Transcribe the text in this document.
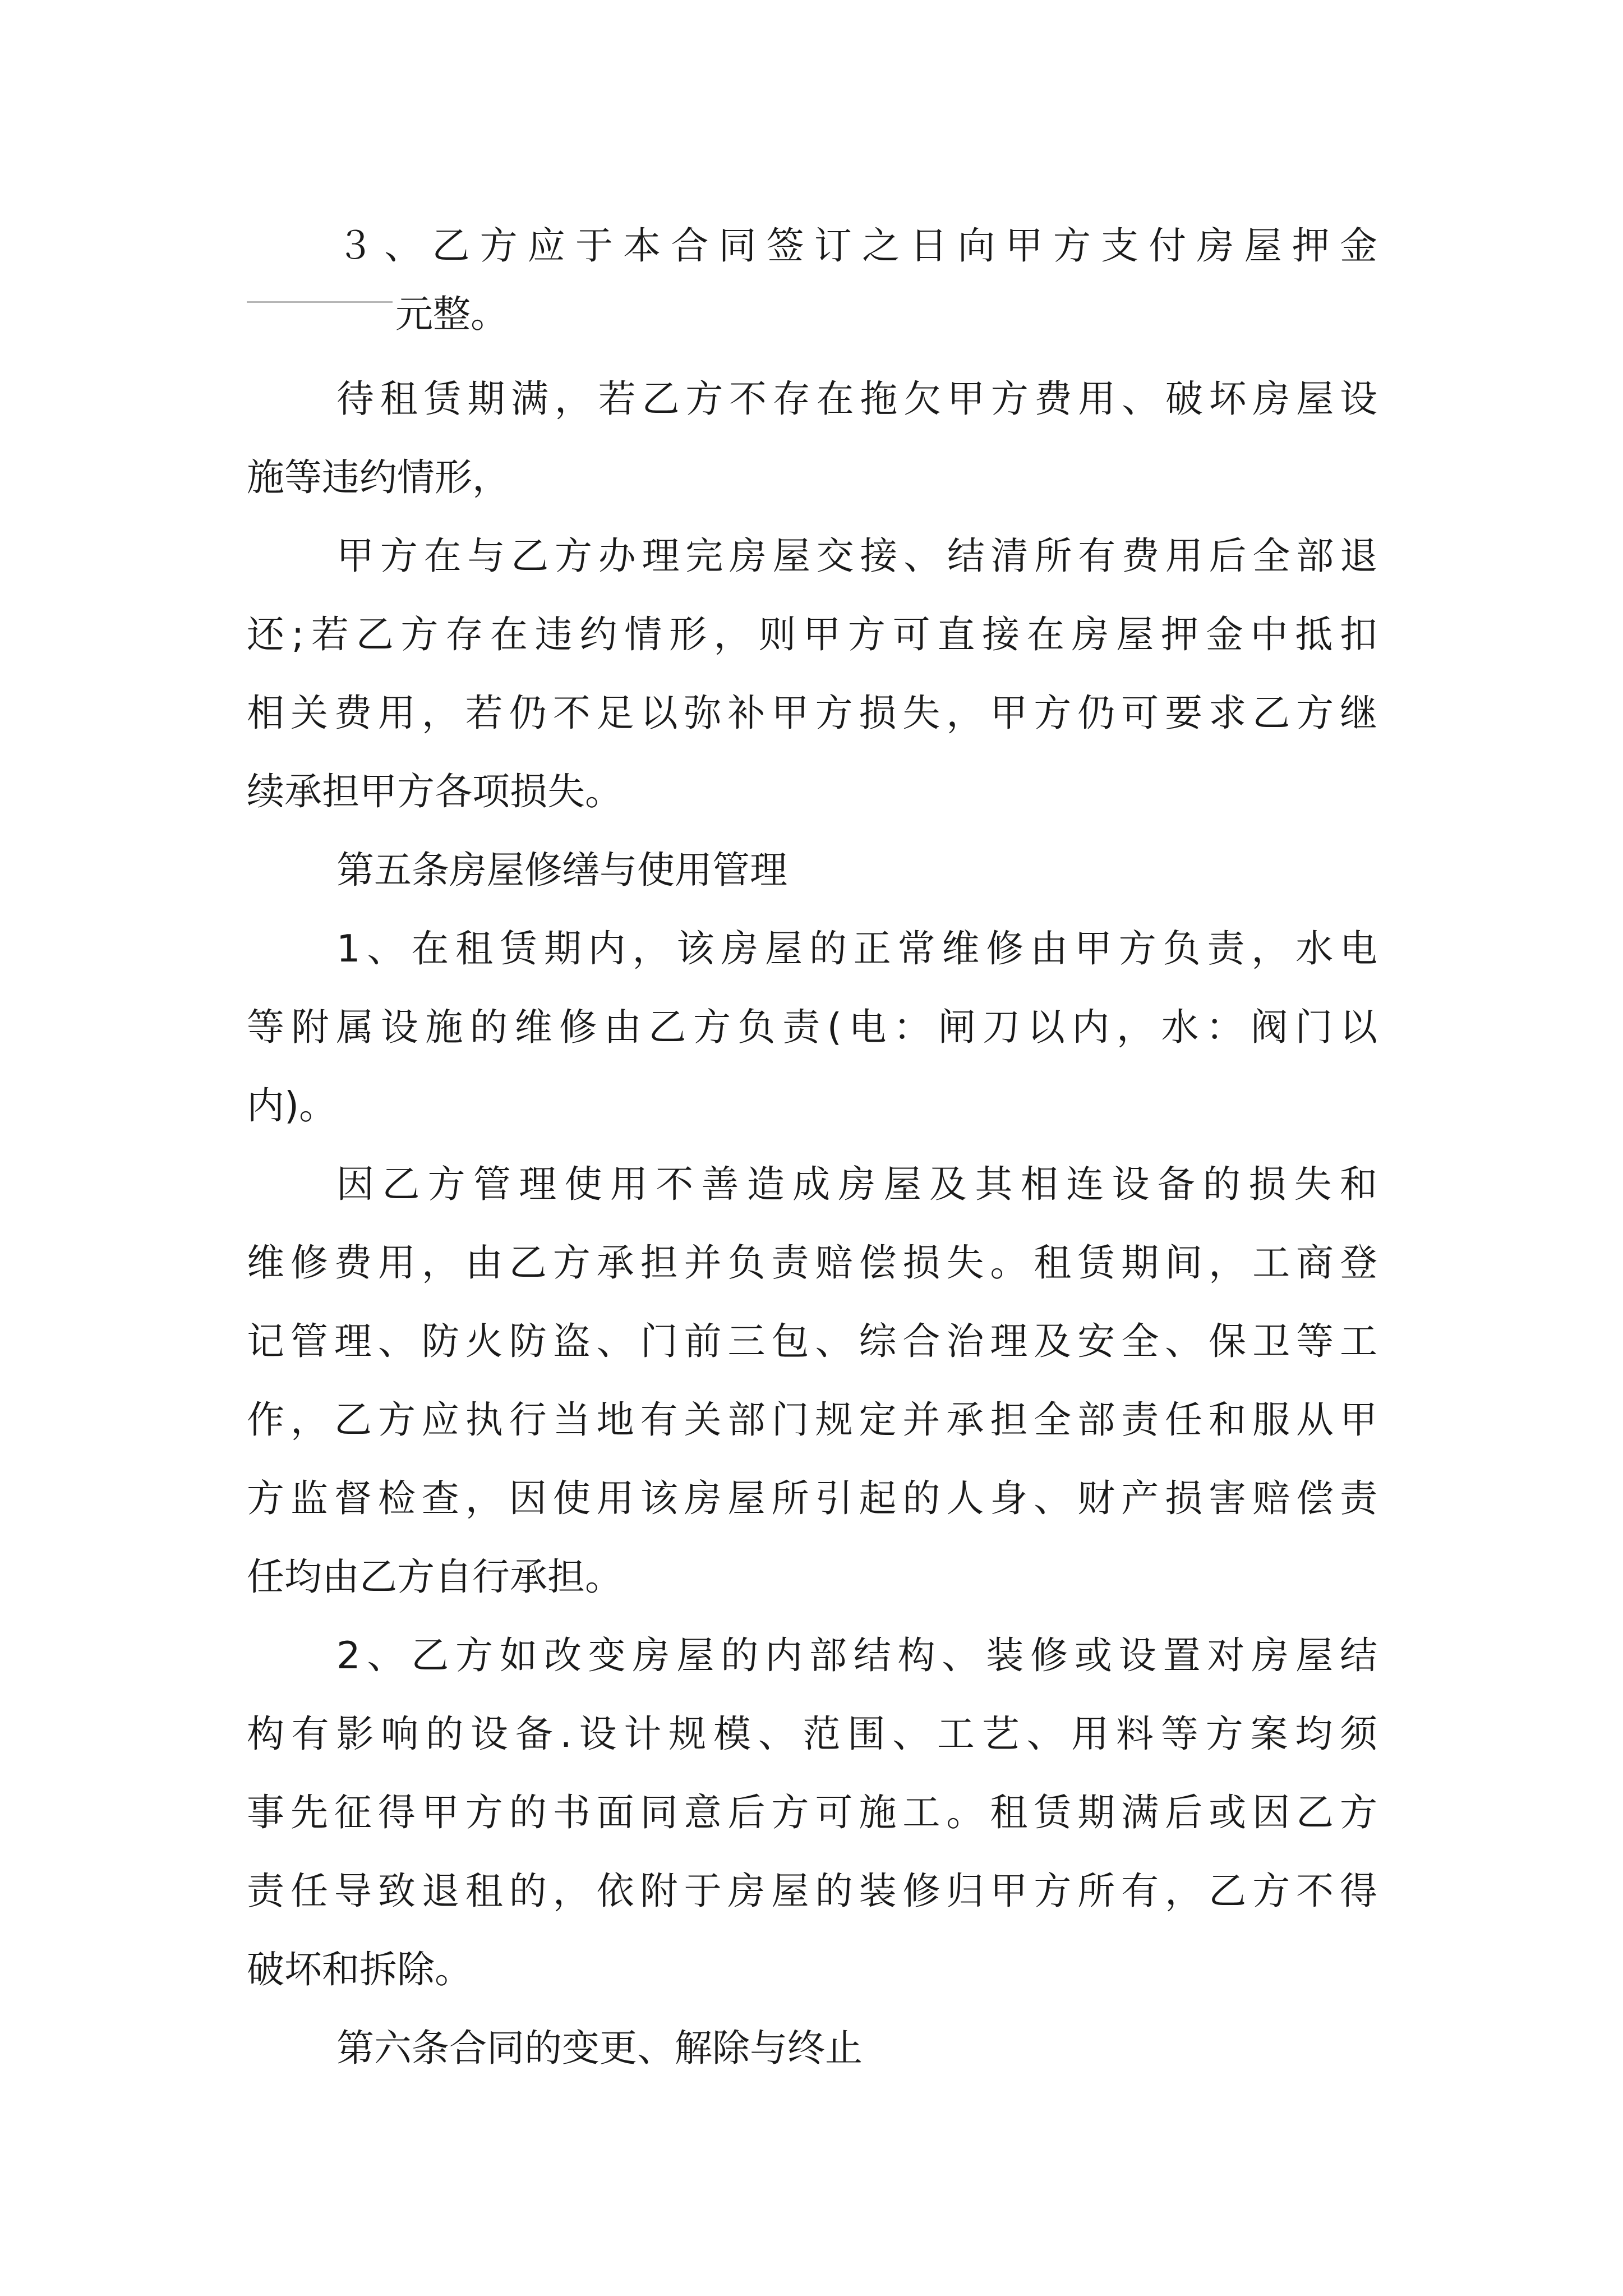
３、乙方应于本合同签订之日向甲方支付房屋押金
元整。
待租赁期满，若乙方不存在拖欠甲方费用、破坏房屋设
施等违约情形，
甲方在与乙方办理完房屋交接、结清所有费用后全部退
还;若乙方存在违约情形，则甲方可直接在房屋押金中抵扣
相关费用，若仍不足以弥补甲方损失，甲方仍可要求乙方继
续承担甲方各项损失。
第五条房屋修缮与使用管理
1、在租赁期内，该房屋的正常维修由甲方负责，水电
等附属设施的维修由乙方负责(电：闸刀以内，水：阀门以
内)。
因乙方管理使用不善造成房屋及其相连设备的损失和
维修费用，由乙方承担并负责赔偿损失。租赁期间，工商登
记管理、防火防盗、门前三包、综合治理及安全、保卫等工
作，乙方应执行当地有关部门规定并承担全部责任和服从甲
方监督检查，因使用该房屋所引起的人身、财产损害赔偿责
任均由乙方自行承担。
2、乙方如改变房屋的内部结构、装修或设置对房屋结
构有影响的设备.设计规模、范围、工艺、用料等方案均须
事先征得甲方的书面同意后方可施工。租赁期满后或因乙方
责任导致退租的，依附于房屋的装修归甲方所有，乙方不得
破坏和拆除。
第六条合同的变更、解除与终止
